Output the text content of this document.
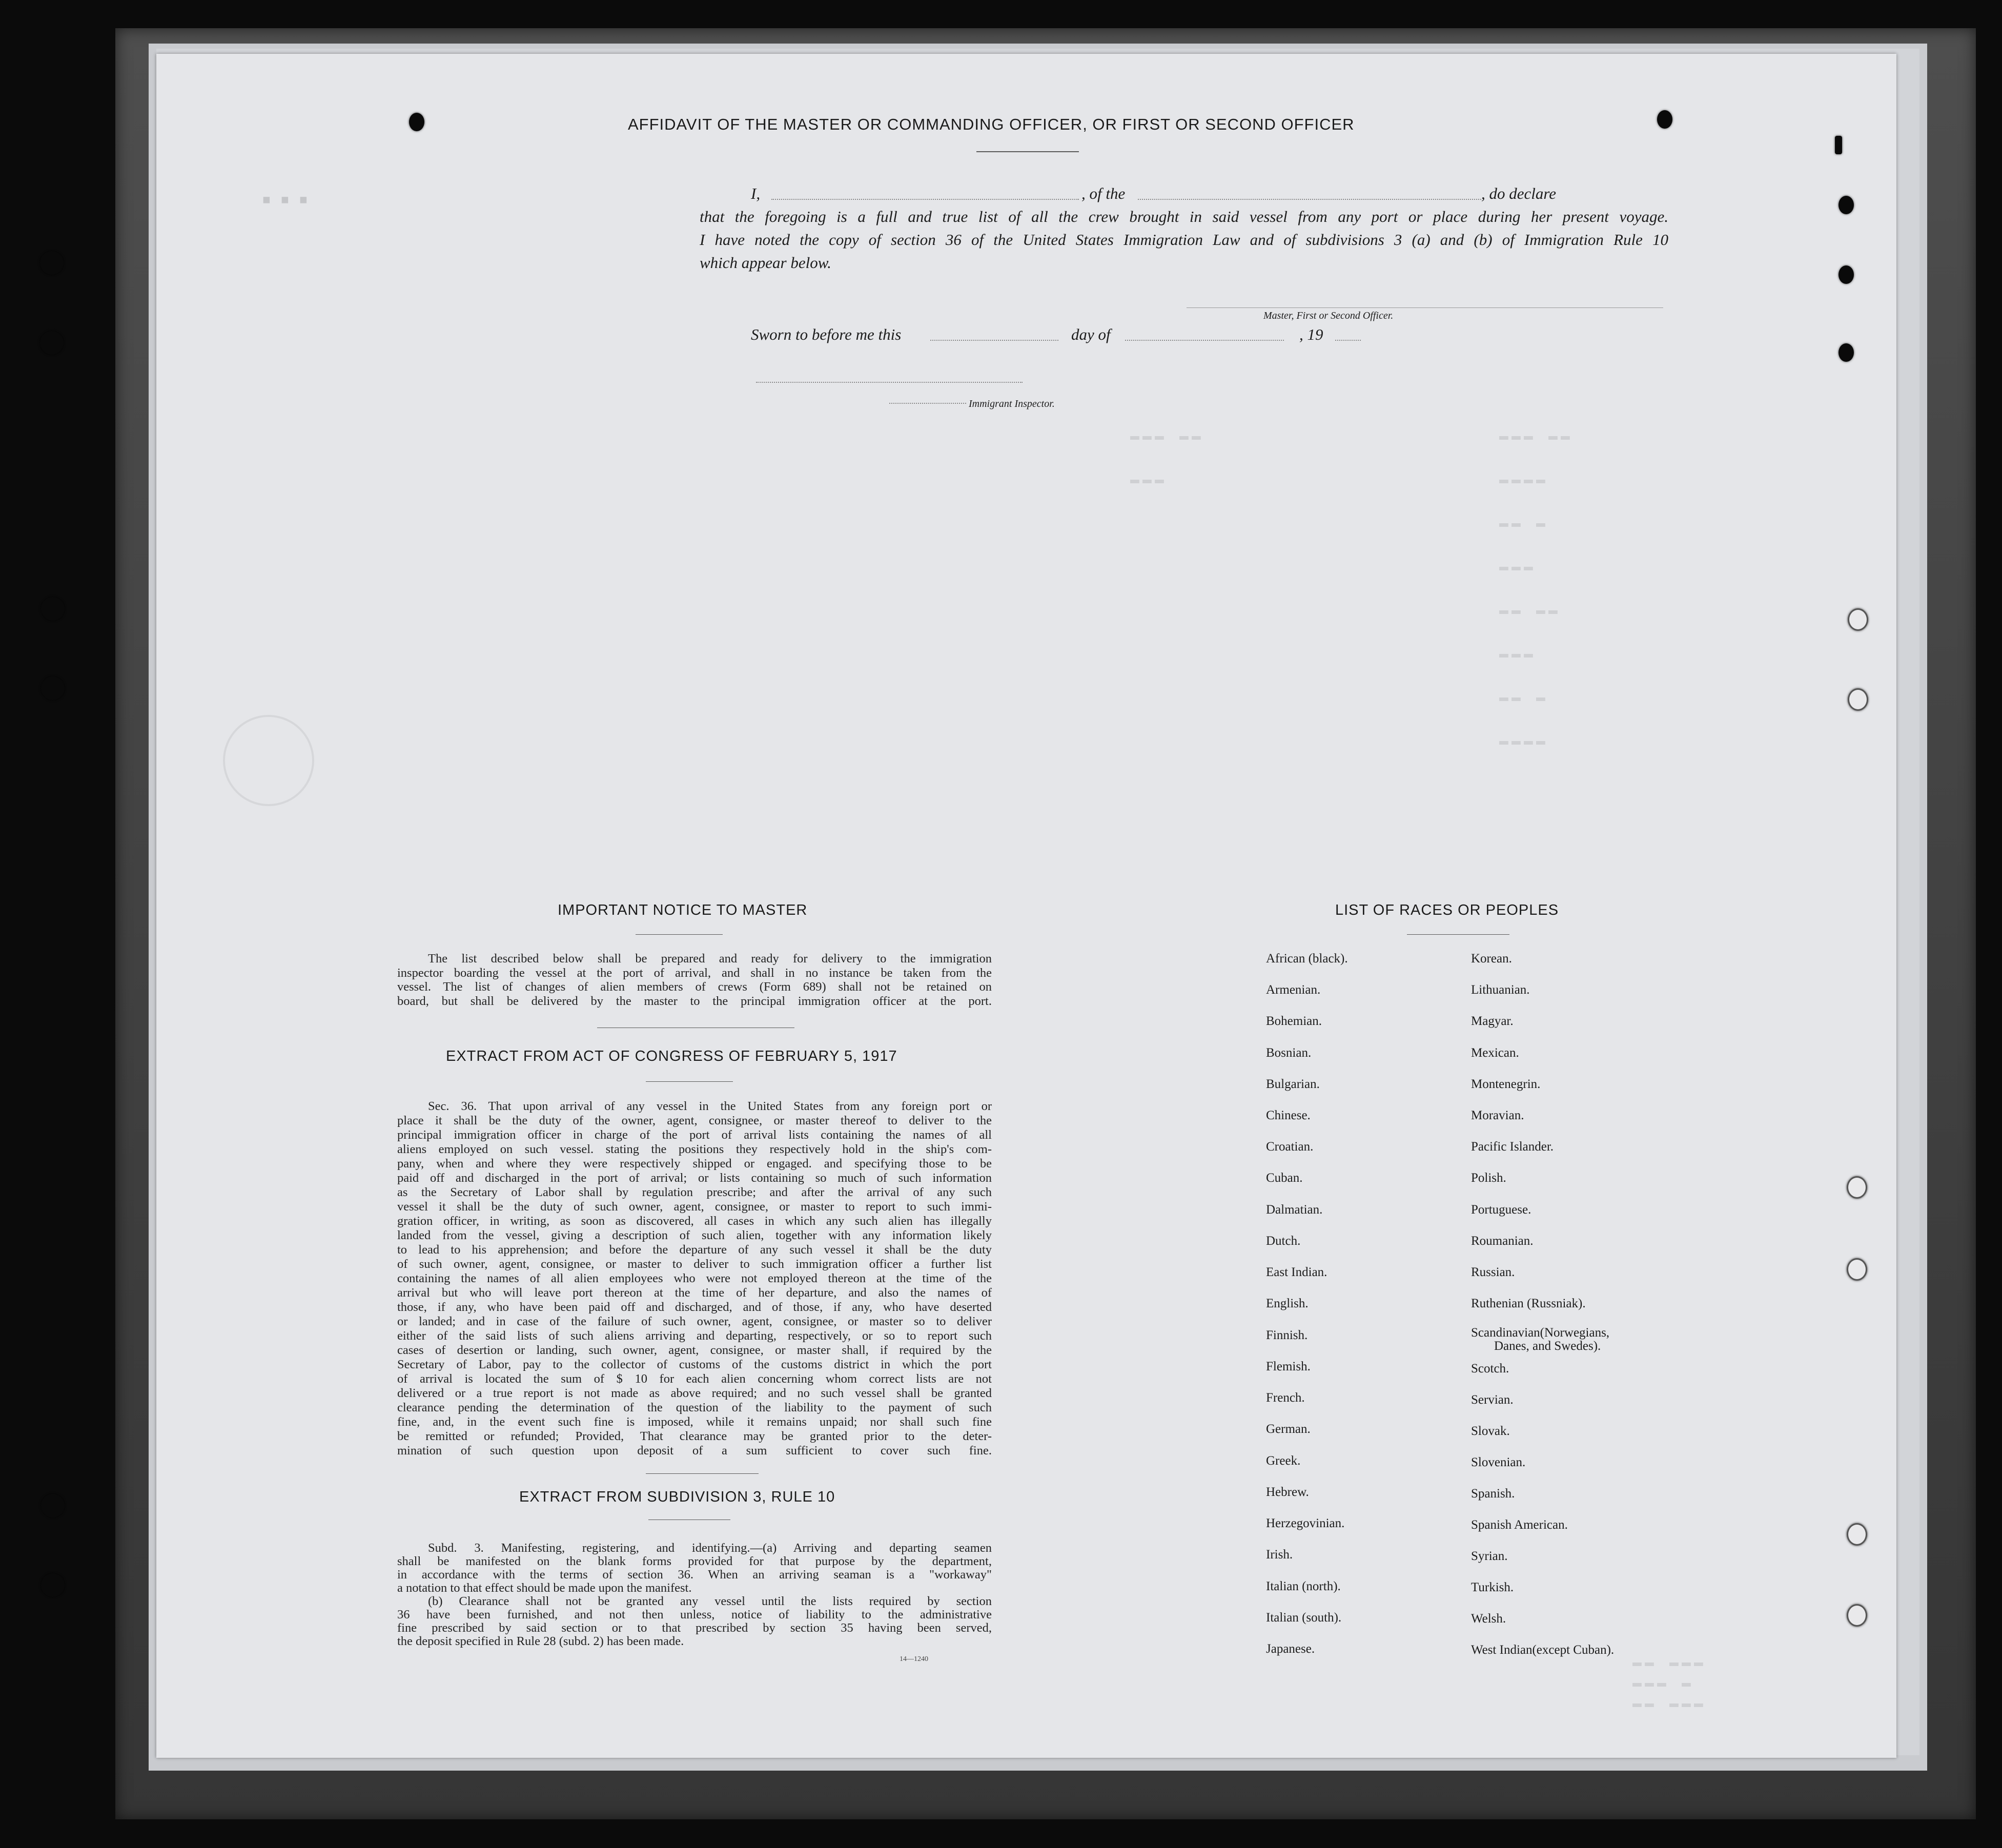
▪▪▪
▬▬▬ ▬▬
▬▬▬▬
▬▬ ▬
▬▬▬
▬▬ ▬▬
▬▬▬
▬▬ ▬
▬▬▬▬
▬▬▬ ▬▬
▬▬▬
▬▬ ▬▬▬
▬▬▬ ▬
▬▬ ▬▬▬
AFFIDAVIT OF THE MASTER OR COMMANDING OFFICER, OR FIRST OR SECOND OFFICER
I,	, of the	, do declare
that the foregoing is a full and true list of all the crew brought in said vessel from any port or place during her present voyage.
I have noted the copy of section 36 of the United States Immigration Law and of subdivisions 3 (a) and (b) of Immigration Rule 10
which appear below.
Master, First or Second Officer.
Sworn to before me this	day of	, 19
Immigrant Inspector.
IMPORTANT NOTICE TO MASTER
The list described below shall be prepared and ready for delivery to the immigration
inspector boarding the vessel at the port of arrival, and shall in no instance be taken from the
vessel. The list of changes of alien members of crews (Form 689) shall not be retained on
board, but shall be delivered by the master to the principal immigration officer at the port.
EXTRACT FROM ACT OF CONGRESS OF FEBRUARY 5, 1917
Sec. 36. That upon arrival of any vessel in the United States from any foreign port or
place it shall be the duty of the owner, agent, consignee, or master thereof to deliver to the
principal immigration officer in charge of the port of arrival lists containing the names of all
aliens employed on such vessel. stating the positions they respectively hold in the ship's com-
pany, when and where they were respectively shipped or engaged. and specifying those to be
paid off and discharged in the port of arrival; or lists containing so much of such information
as the Secretary of Labor shall by regulation prescribe; and after the arrival of any such
vessel it shall be the duty of such owner, agent, consignee, or master to report to such immi-
gration officer, in writing, as soon as discovered, all cases in which any such alien has illegally
landed from the vessel, giving a description of such alien, together with any information likely
to lead to his apprehension; and before the departure of any such vessel it shall be the duty
of such owner, agent, consignee, or master to deliver to such immigration officer a further list
containing the names of all alien employees who were not employed thereon at the time of the
arrival but who will leave port thereon at the time of her departure, and also the names of
those, if any, who have been paid off and discharged, and of those, if any, who have deserted
or landed; and in case of the failure of such owner, agent, consignee, or master so to deliver
either of the said lists of such aliens arriving and departing, respectively, or so to report such
cases of desertion or landing, such owner, agent, consignee, or master shall, if required by the
Secretary of Labor, pay to the collector of customs of the customs district in which the port
of arrival is located the sum of $ 10 for each alien concerning whom correct lists are not
delivered or a true report is not made as above required; and no such vessel shall be granted
clearance pending the determination of the question of the liability to the payment of such
fine, and, in the event such fine is imposed, while it remains unpaid; nor shall such fine
be remitted or refunded; Provided, That clearance may be granted prior to the deter-
mination of such question upon deposit of a sum sufficient to cover such fine.
EXTRACT FROM SUBDIVISION 3, RULE 10
Subd. 3. Manifesting, registering, and identifying.—(a) Arriving and departing seamen
shall be manifested on the blank forms provided for that purpose by the department,
in accordance with the terms of section 36. When an arriving seaman is a "workaway"
a notation to that effect should be made upon the manifest.
(b) Clearance shall not be granted any vessel until the lists required by section
36 have been furnished, and not then unless, notice of liability to the administrative
fine prescribed by said section or to that prescribed by section 35 having been served,
the deposit specified in Rule 28 (subd. 2) has been made.
14—1240
LIST OF RACES OR PEOPLES
African (black).
Armenian.
Bohemian.
Bosnian.
Bulgarian.
Chinese.
Croatian.
Cuban.
Dalmatian.
Dutch.
East Indian.
English.
Finnish.
Flemish.
French.
German.
Greek.
Hebrew.
Herzegovinian.
Irish.
Italian (north).
Italian (south).
Japanese.
Korean.
Lithuanian.
Magyar.
Mexican.
Montenegrin.
Moravian.
Pacific Islander.
Polish.
Portuguese.
Roumanian.
Russian.
Ruthenian (Russniak).
Scandinavian(Norwegians,
Danes, and Swedes).
Scotch.
Servian.
Slovak.
Slovenian.
Spanish.
Spanish American.
Syrian.
Turkish.
Welsh.
West Indian(except Cuban).
